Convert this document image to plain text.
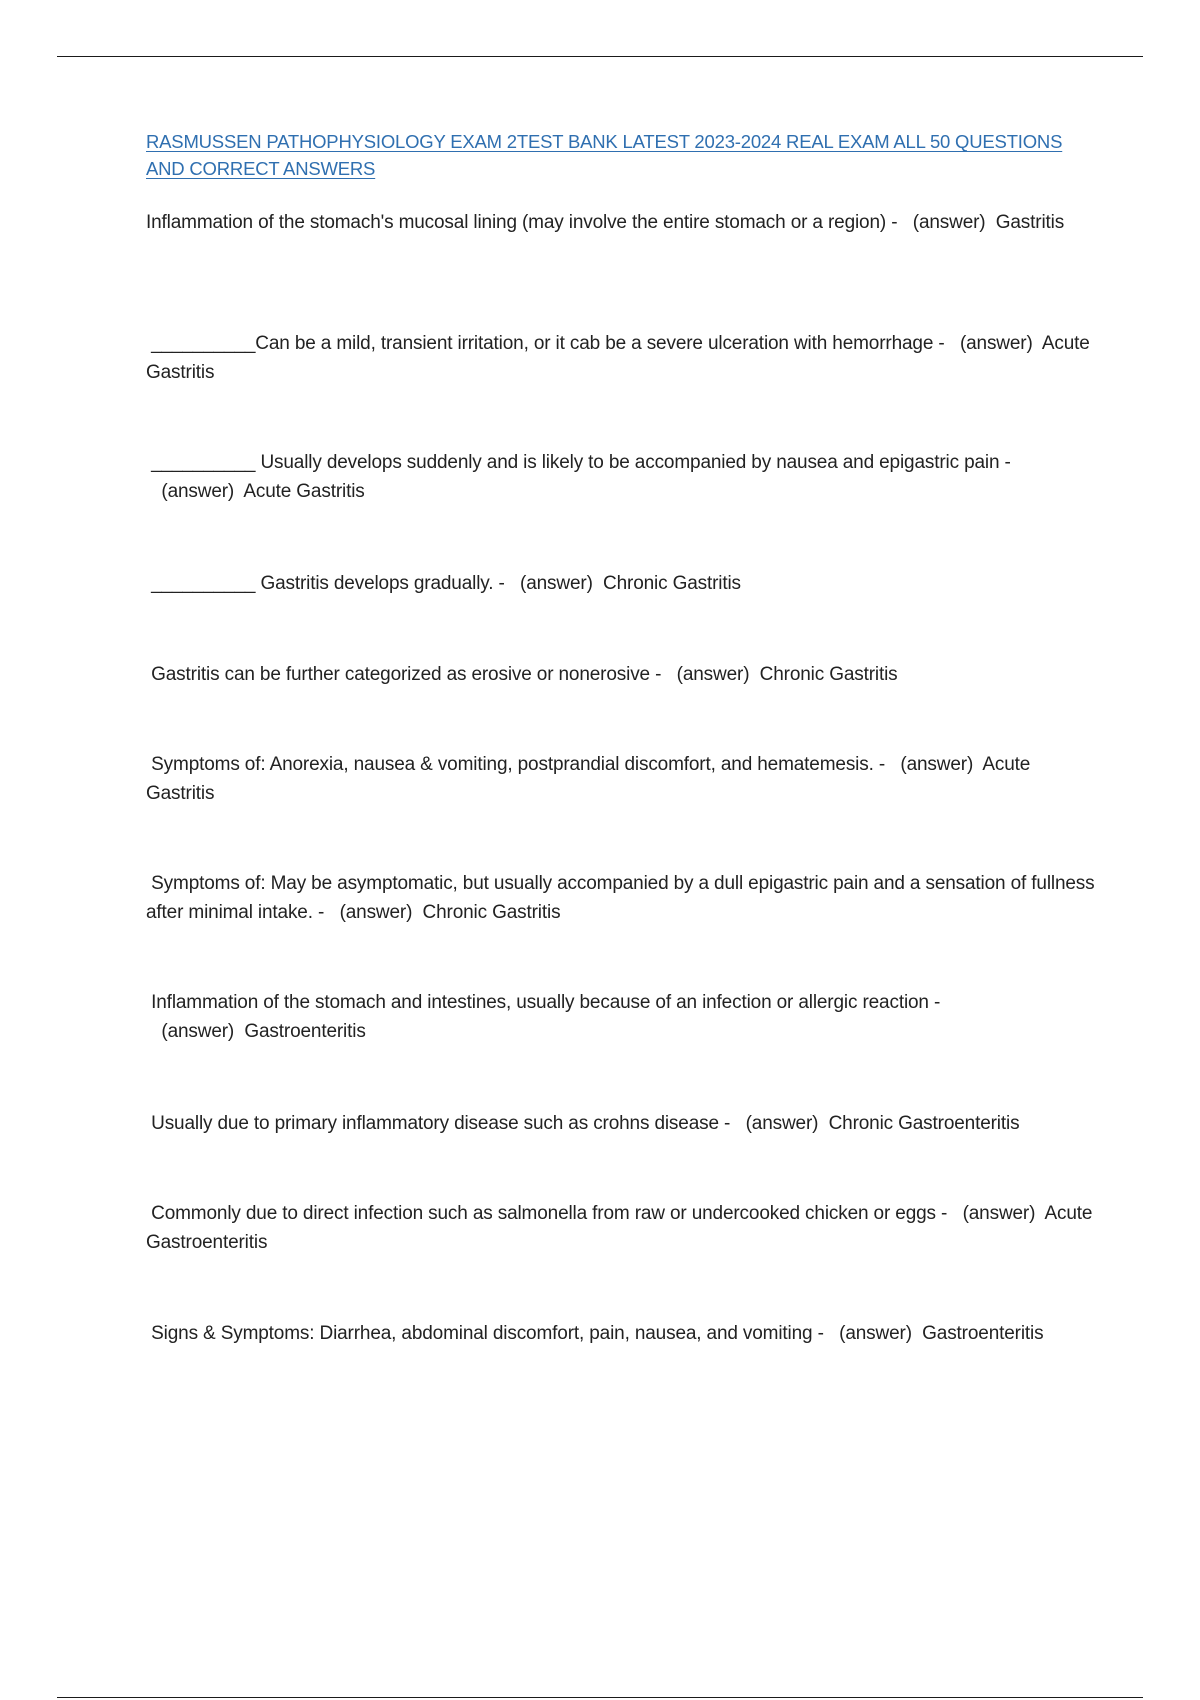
RASMUSSEN PATHOPHYSIOLOGY EXAM 2TEST BANK LATEST 2023-2024 REAL EXAM ALL 50 QUESTIONS AND CORRECT ANSWERS
Inflammation of the stomach's mucosal lining (may involve the entire stomach or a region) - (answer) Gastritis
__________Can be a mild, transient irritation, or it cab be a severe ulceration with hemorrhage - (answer) Acute Gastritis
__________ Usually develops suddenly and is likely to be accompanied by nausea and epigastric pain -   (answer) Acute Gastritis
__________ Gastritis develops gradually. - (answer) Chronic Gastritis
Gastritis can be further categorized as erosive or nonerosive - (answer) Chronic Gastritis
Symptoms of: Anorexia, nausea & vomiting, postprandial discomfort, and hematemesis. - (answer) Acute Gastritis
Symptoms of: May be asymptomatic, but usually accompanied by a dull epigastric pain and a sensation of fullness after minimal intake. - (answer) Chronic Gastritis
Inflammation of the stomach and intestines, usually because of an infection or allergic reaction -   (answer) Gastroenteritis
Usually due to primary inflammatory disease such as crohns disease - (answer) Chronic Gastroenteritis
Commonly due to direct infection such as salmonella from raw or undercooked chicken or eggs - (answer) Acute Gastroenteritis
Signs & Symptoms: Diarrhea, abdominal discomfort, pain, nausea, and vomiting - (answer) Gastroenteritis
